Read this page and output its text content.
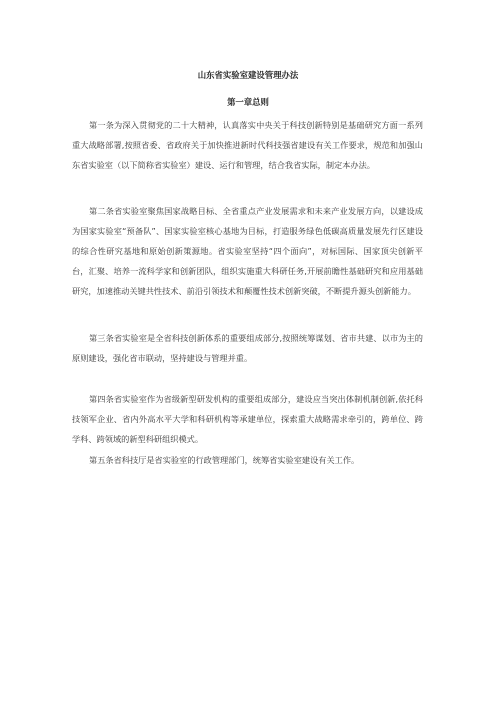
山东省实验室建设管理办法
第一章总则

第一条为深入贯彻党的二十大精神，认真落实中央关于科技创新特别是基础研究方面一系列重大战略部署,按照省委、省政府关于加快推进新时代科技强省建设有关工作要求，规范和加强山东省实验室（以下简称省实验室）建设、运行和管理，结合我省实际，制定本办法。

第二条省实验室聚焦国家战略目标、全省重点产业发展需求和未来产业发展方向，以建设成为国家实验室“预备队”、国家实验室核心基地为目标，打造服务绿色低碳高质量发展先行区建设的综合性研究基地和原始创新策源地。省实验室坚持“四个面向”，对标国际、国家顶尖创新平台，汇聚、培养一流科学家和创新团队，组织实施重大科研任务,开展前瞻性基础研究和应用基础研究，加速推动关键共性技术、前沿引领技术和颠覆性技术创新突破，不断提升源头创新能力。

第三条省实验室是全省科技创新体系的重要组成部分,按照统筹谋划、省市共建、以市为主的原则建设，强化省市联动，坚持建设与管理并重。

第四条省实验室作为省级新型研发机构的重要组成部分，建设应当突出体制机制创新,依托科技领军企业、省内外高水平大学和科研机构等承建单位，探索重大战略需求牵引的，跨单位、跨学科、跨领域的新型科研组织模式。

第五条省科技厅是省实验室的行政管理部门，统筹省实验室建设有关工作。
